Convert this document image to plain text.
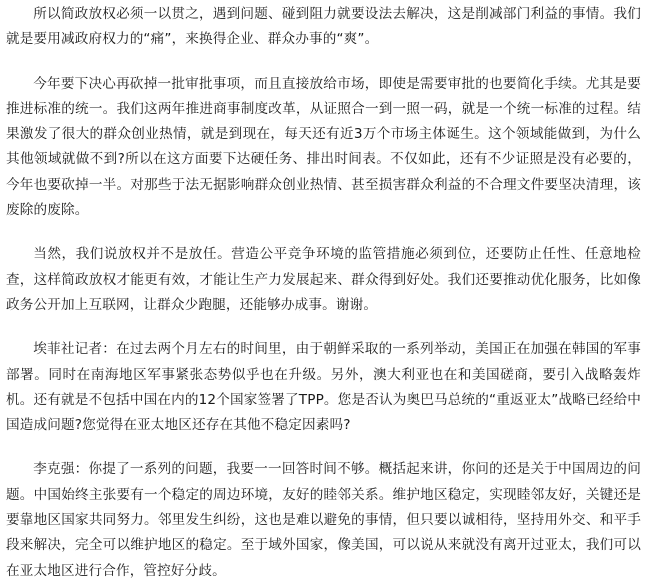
所以简政放权必须一以贯之，遇到问题、碰到阻力就要设法去解决，这是削减部门利益的事情。我们就是要用减政府权力的“痛”，来换得企业、群众办事的“爽”。

今年要下决心再砍掉一批审批事项，而且直接放给市场，即使是需要审批的也要简化手续。尤其是要推进标准的统一。我们这两年推进商事制度改革，从证照合一到一照一码，就是一个统一标准的过程。结果激发了很大的群众创业热情，就是到现在，每天还有近3万个市场主体诞生。这个领域能做到，为什么其他领域就做不到?所以在这方面要下达硬任务、排出时间表。不仅如此，还有不少证照是没有必要的，今年也要砍掉一半。对那些于法无据影响群众创业热情、甚至损害群众利益的不合理文件要坚决清理，该废除的废除。

当然，我们说放权并不是放任。营造公平竞争环境的监管措施必须到位，还要防止任性、任意地检查，这样简政放权才能更有效，才能让生产力发展起来、群众得到好处。我们还要推动优化服务，比如像政务公开加上互联网，让群众少跑腿，还能够办成事。谢谢。

埃菲社记者：在过去两个月左右的时间里，由于朝鲜采取的一系列举动，美国正在加强在韩国的军事部署。同时在南海地区军事紧张态势似乎也在升级。另外，澳大利亚也在和美国磋商，要引入战略轰炸机。还有就是不包括中国在内的12个国家签署了TPP。您是否认为奥巴马总统的“重返亚太”战略已经给中国造成问题?您觉得在亚太地区还存在其他不稳定因素吗?

李克强：你提了一系列的问题，我要一一回答时间不够。概括起来讲，你问的还是关于中国周边的问题。中国始终主张要有一个稳定的周边环境，友好的睦邻关系。维护地区稳定，实现睦邻友好，关键还是要靠地区国家共同努力。邻里发生纠纷，这也是难以避免的事情，但只要以诚相待，坚持用外交、和平手段来解决，完全可以维护地区的稳定。至于域外国家，像美国，可以说从来就没有离开过亚太，我们可以在亚太地区进行合作，管控好分歧。
